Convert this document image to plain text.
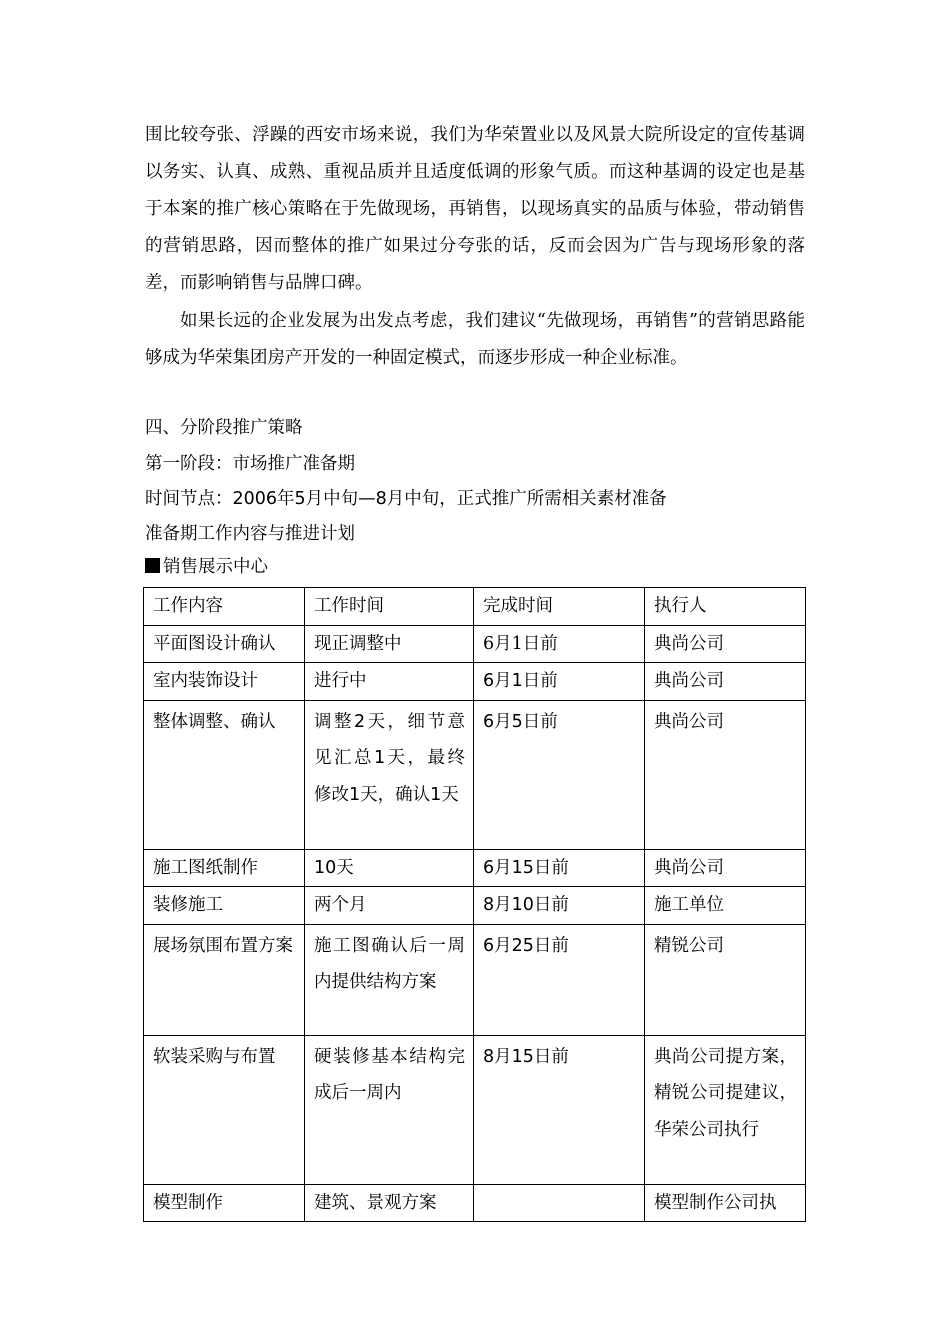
围比较夸张、浮躁的西安市场来说，我们为华荣置业以及风景大院所设定的宣传基调以务实、认真、成熟、重视品质并且适度低调的形象气质。而这种基调的设定也是基于本案的推广核心策略在于先做现场，再销售，以现场真实的品质与体验，带动销售的营销思路，因而整体的推广如果过分夸张的话，反而会因为广告与现场形象的落差，而影响销售与品牌口碑。

如果长远的企业发展为出发点考虑，我们建议“先做现场，再销售”的营销思路能够成为华荣集团房产开发的一种固定模式，而逐步形成一种企业标准。

四、分阶段推广策略
第一阶段：市场推广准备期
时间节点：2006年5月中旬—8月中旬，正式推广所需相关素材准备
准备期工作内容与推进计划
销售展示中心
工作内容	工作时间	完成时间	执行人
平面图设计确认	现正调整中	6月1日前	典尚公司
室内装饰设计	进行中	6月1日前	典尚公司
整体调整、确认	调整2天，细节意见汇总1天，最终修改1天，确认1天	6月5日前	典尚公司
施工图纸制作	10天	6月15日前	典尚公司
装修施工	两个月	8月10日前	施工单位
展场氛围布置方案	施工图确认后一周内提供结构方案	6月25日前	精锐公司
软装采购与布置	硬装修基本结构完成后一周内	8月15日前	典尚公司提方案，精锐公司提建议，华荣公司执行
模型制作	建筑、景观方案		模型制作公司执
